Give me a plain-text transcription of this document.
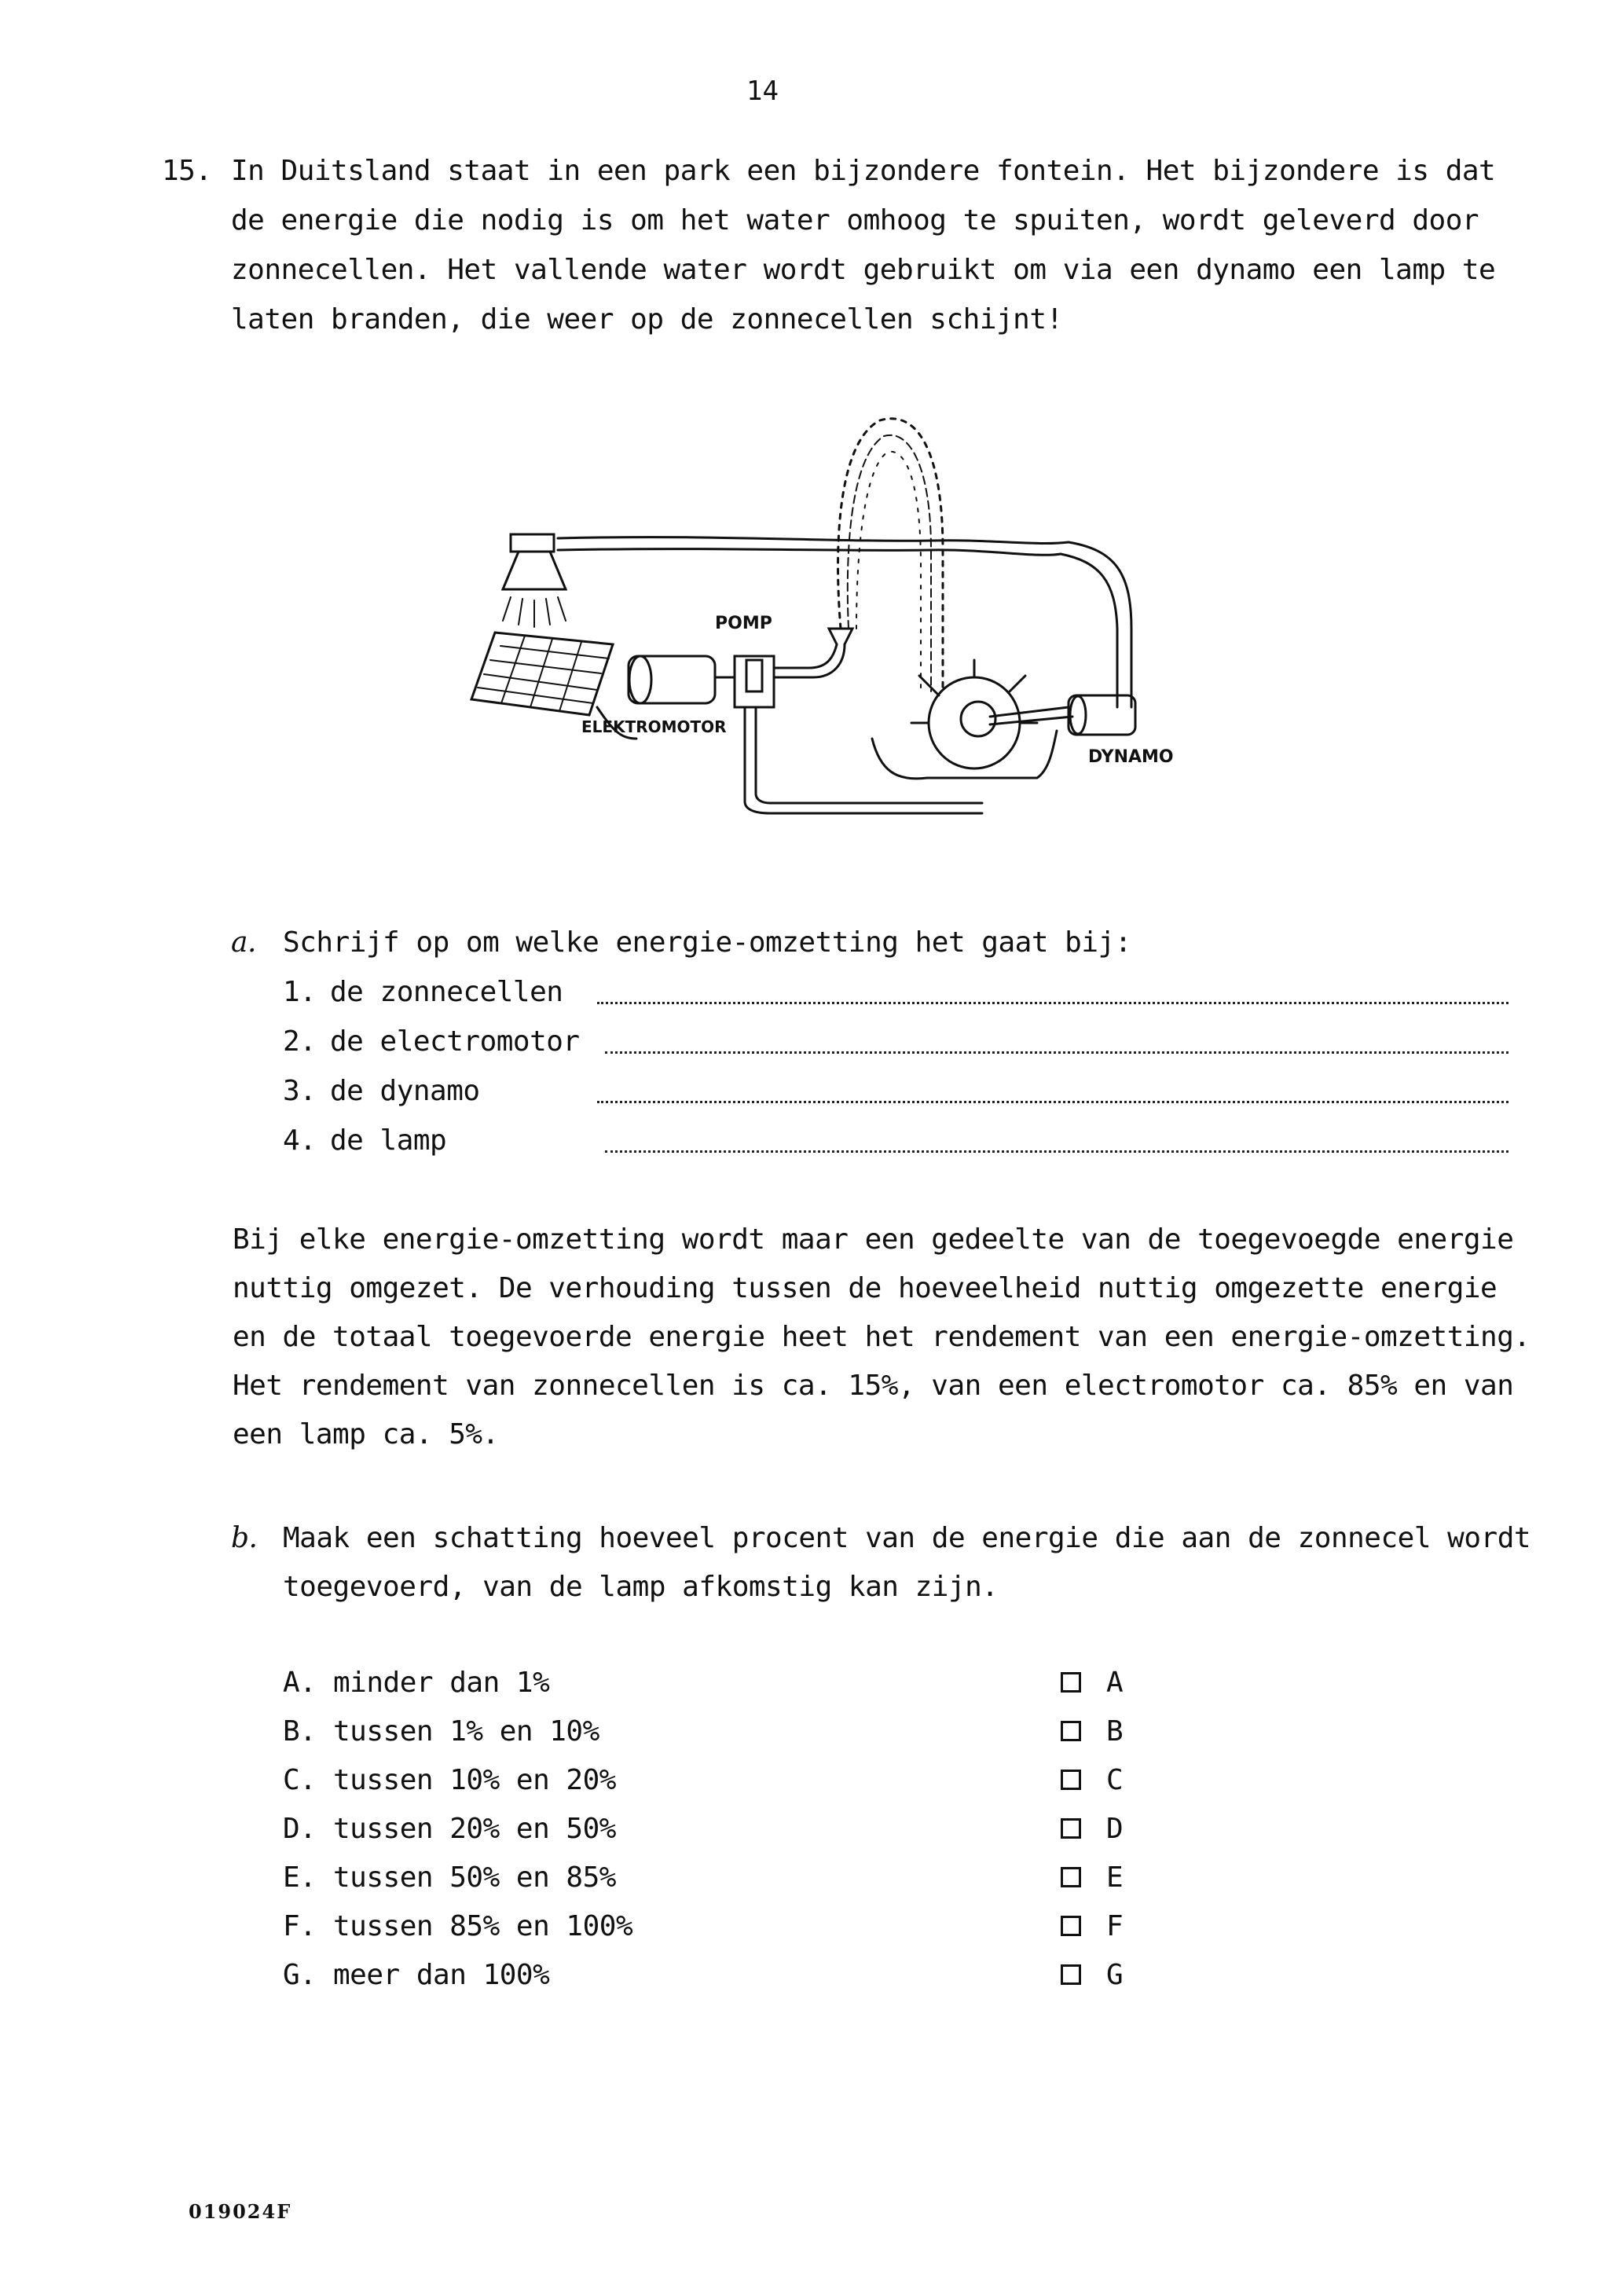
14
15. In Duitsland staat in een park een bijzondere fontein. Het bijzondere is dat
de energie die nodig is om het water omhoog te spuiten, wordt geleverd door
zonnecellen. Het vallende water wordt gebruikt om via een dynamo een lamp te
laten branden, die weer op de zonnecellen schijnt!
POMP
ELEKTROMOTOR
DYNAMO
a. Schrijf op om welke energie-omzetting het gaat bij:
1. de zonnecellen
2. de electromotor
3. de dynamo
4. de lamp
Bij elke energie-omzetting wordt maar een gedeelte van de toegevoegde energie
nuttig omgezet. De verhouding tussen de hoeveelheid nuttig omgezette energie
en de totaal toegevoerde energie heet het rendement van een energie-omzetting.
Het rendement van zonnecellen is ca. 15%, van een electromotor ca. 85% en van
een lamp ca. 5%.
b. Maak een schatting hoeveel procent van de energie die aan de zonnecel wordt
toegevoerd, van de lamp afkomstig kan zijn.
A. minder dan 1%	A
B. tussen 1% en 10%	B
C. tussen 10% en 20%	C
D. tussen 20% en 50%	D
E. tussen 50% en 85%	E
F. tussen 85% en 100%	F
G. meer dan 100%	G
019024F
